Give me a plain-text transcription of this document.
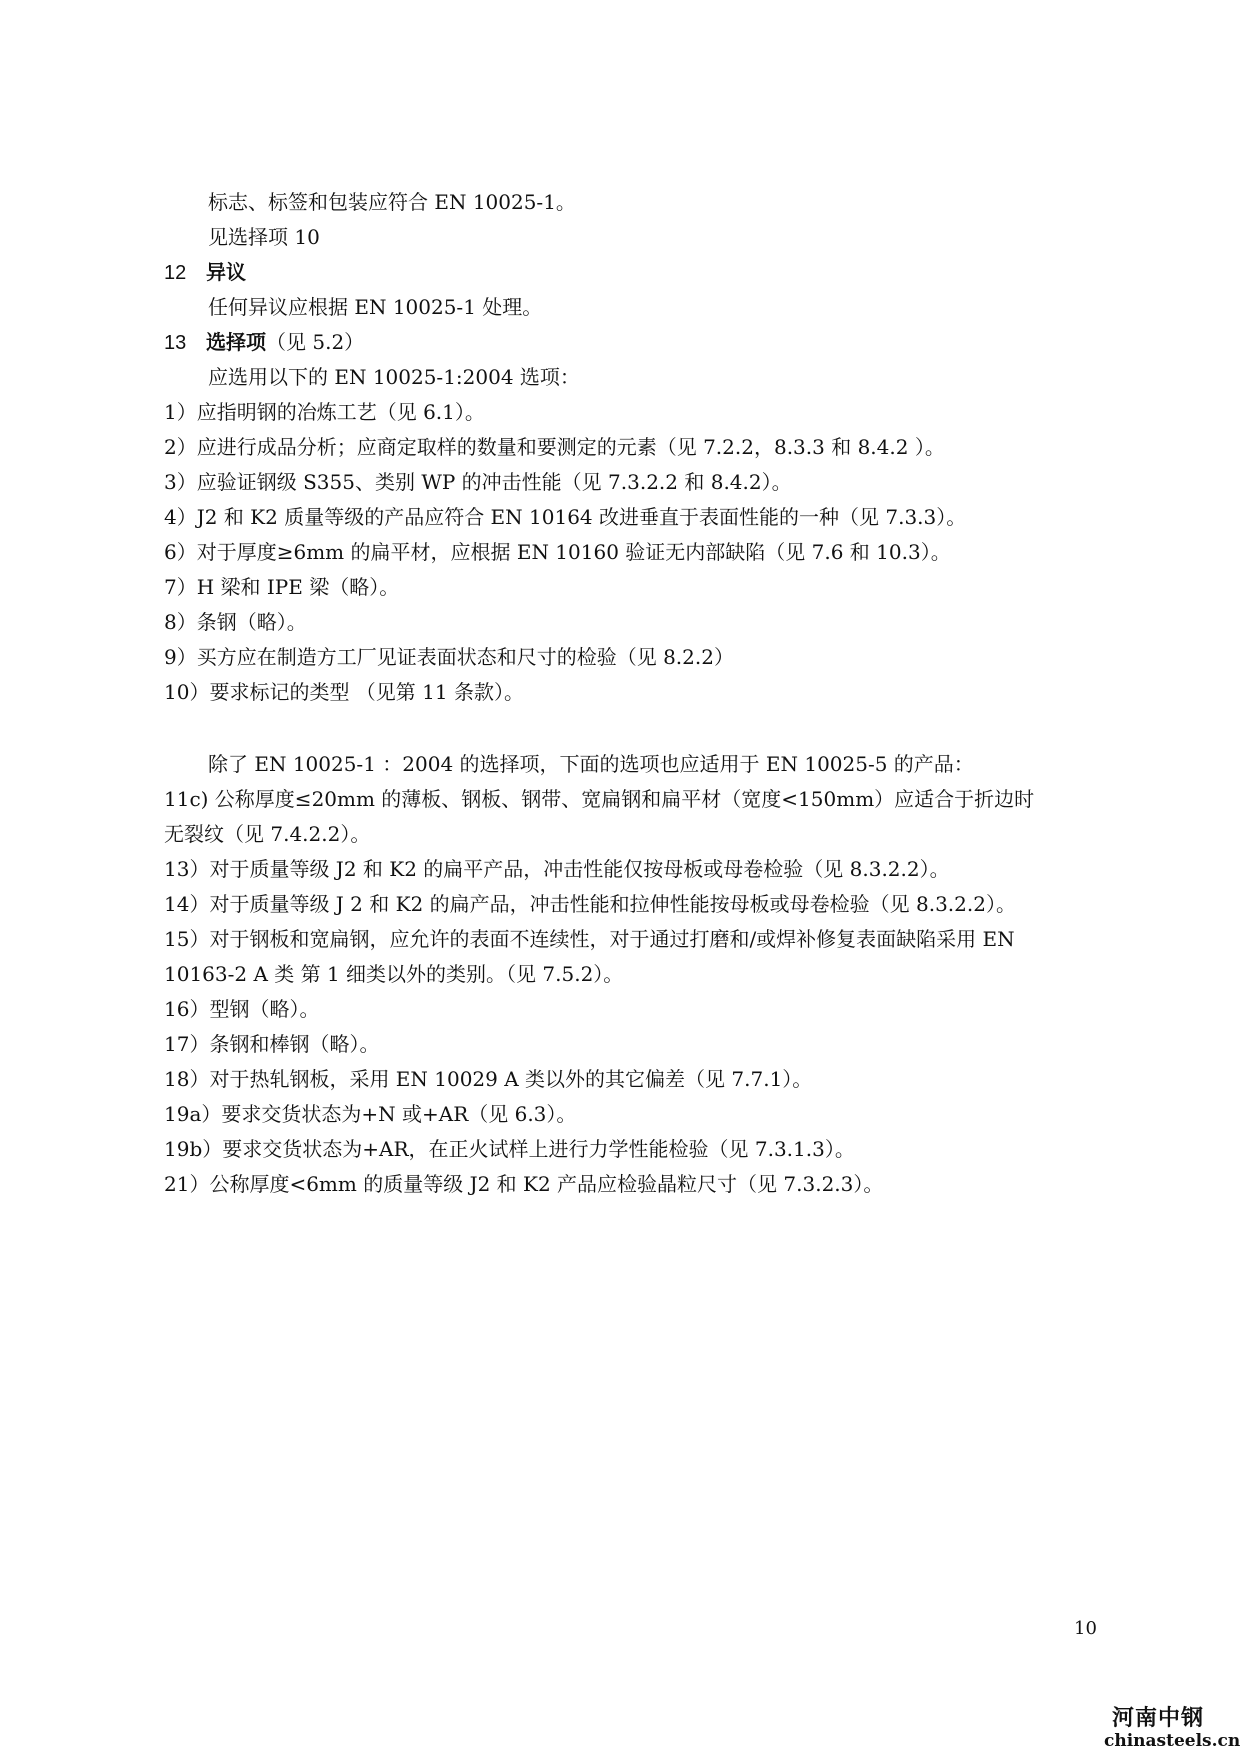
标志、标签和包装应符合 EN 10025-1。
见选择项 10
12 异议
任何异议应根据 EN 10025-1 处理。
13 选择项（见 5.2）
应选用以下的 EN 10025-1:2004 选项：
1）应指明钢的冶炼工艺（见 6.1）。
2）应进行成品分析；应商定取样的数量和要测定的元素（见 7.2.2，8.3.3 和 8.4.2 ）。
3）应验证钢级 S355、类别 WP 的冲击性能（见 7.3.2.2 和 8.4.2）。
4）J2 和 K2 质量等级的产品应符合 EN 10164 改进垂直于表面性能的一种（见 7.3.3）。
6）对于厚度≥6mm 的扁平材，应根据 EN 10160 验证无内部缺陷（见 7.6 和 10.3）。
7）H 梁和 IPE 梁（略）。
8）条钢（略）。
9）买方应在制造方工厂见证表面状态和尺寸的检验（见 8.2.2）
10）要求标记的类型 （见第 11 条款）。
除了 EN 10025-1 ：2004 的选择项，下面的选项也应适用于 EN 10025-5 的产品：
11c) 公称厚度≤20mm 的薄板、钢板、钢带、宽扁钢和扁平材（宽度<150mm）应适合于折边时
无裂纹（见 7.4.2.2）。
13）对于质量等级 J2 和 K2 的扁平产品，冲击性能仅按母板或母卷检验（见 8.3.2.2）。
14）对于质量等级 J 2 和 K2 的扁产品，冲击性能和拉伸性能按母板或母卷检验（见 8.3.2.2）。
15）对于钢板和宽扁钢，应允许的表面不连续性，对于通过打磨和/或焊补修复表面缺陷采用 EN
10163-2 A 类 第 1 细类以外的类别。（见 7.5.2）。
16）型钢（略）。
17）条钢和棒钢（略）。
18）对于热轧钢板，采用 EN 10029 A 类以外的其它偏差（见 7.7.1）。
19a）要求交货状态为+N 或+AR（见 6.3）。
19b）要求交货状态为+AR，在正火试样上进行力学性能检验（见 7.3.1.3）。
21）公称厚度<6mm 的质量等级 J2 和 K2 产品应检验晶粒尺寸（见 7.3.2.3）。
10
河南中钢
chinasteels.cn
